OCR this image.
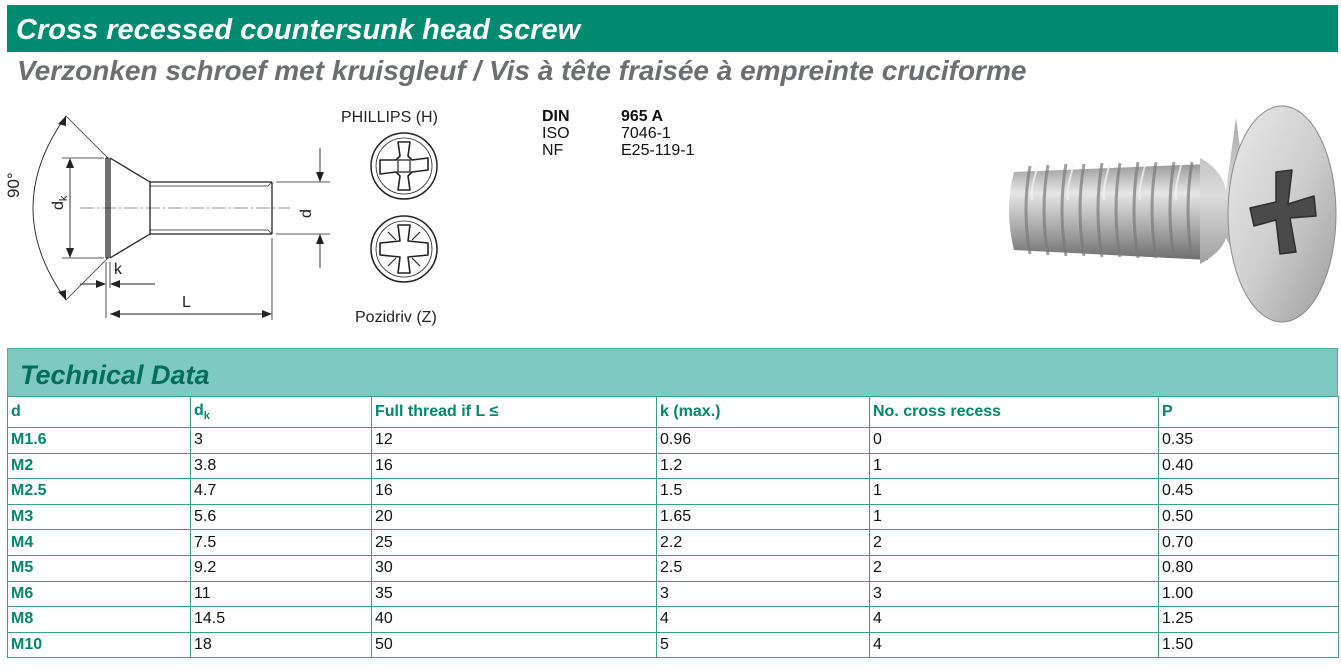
Cross recessed countersunk head screw
Verzonken schroef met kruisgleuf / Vis à tête fraisée à empreinte cruciforme
90°
$d_k$
d
k
L
PHILLIPS (H)
Pozidriv (Z)
DIN	965 A
ISO	7046-1
NF	E25-119-1
Technical Data
d	$d_k$	Full thread if L ≤	k (max.)	No. cross recess	P
M1.6	3	12	0.96	0	0.35
M2	3.8	16	1.2	1	0.40
M2.5	4.7	16	1.5	1	0.45
M3	5.6	20	1.65	1	0.50
M4	7.5	25	2.2	2	0.70
M5	9.2	30	2.5	2	0.80
M6	11	35	3	3	1.00
M8	14.5	40	4	4	1.25
M10	18	50	5	4	1.50
